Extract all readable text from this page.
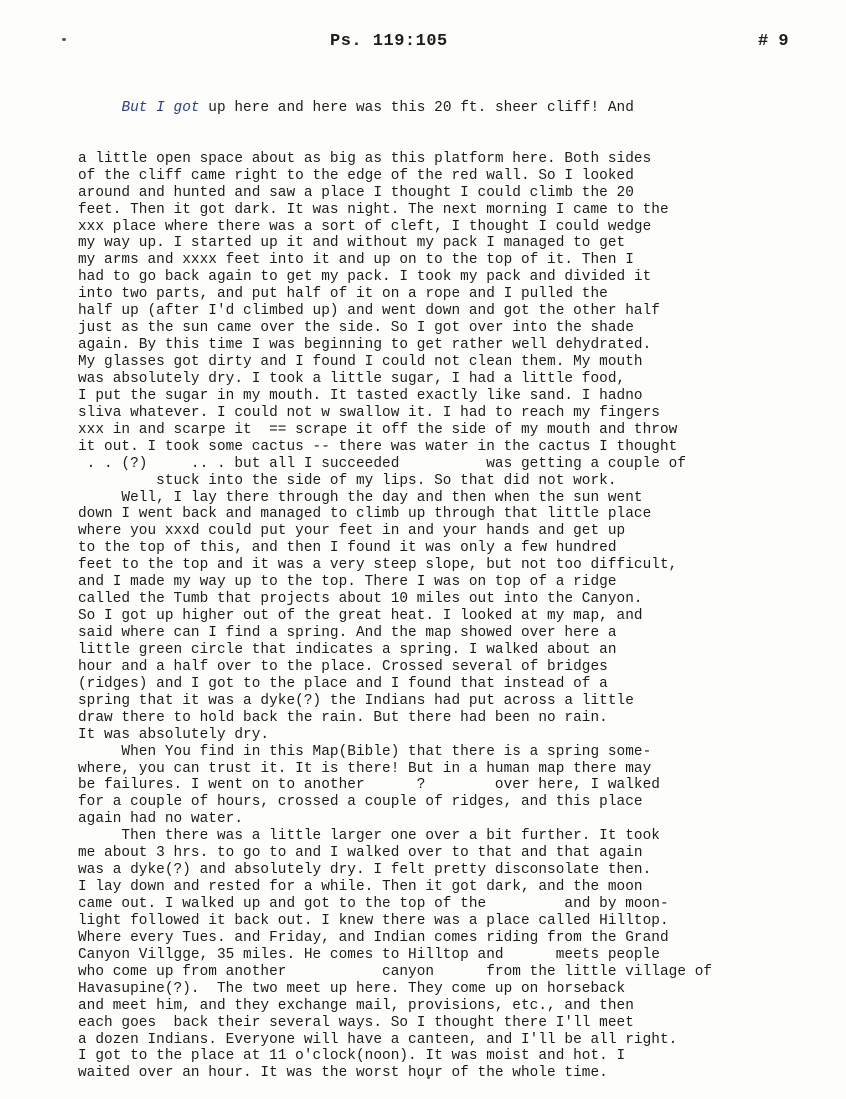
Ps. 119:105	# 9

But I got up here and here was this 20 ft. sheer cliff! And

a little open space about as big as this platform here. Both sides
of the cliff came right to the edge of the red wall. So I looked
around and hunted and saw a place I thought I could climb the 20
feet. Then it got dark. It was night. The next morning I came to the
xxx place where there was a sort of cleft, I thought I could wedge
my way up. I started up it and without my pack I managed to get
my arms and xxxx feet into it and up on to the top of it. Then I
had to go back again to get my pack. I took my pack and divided it
into two parts, and put half of it on a rope and I pulled the
half up (after I'd climbed up) and went down and got the other half
just as the sun came over the side. So I got over into the shade
again. By this time I was beginning to get rather well dehydrated.
My glasses got dirty and I found I could not clean them. My mouth
was absolutely dry. I took a little sugar, I had a little food,
I put the sugar in my mouth. It tasted exactly like sand. I hadno
sliva whatever. I could not w swallow it. I had to reach my fingers
xxx in and scarpe it  == scrape it off the side of my mouth and throw
it out. I took some cactus -- there was water in the cactus I thought
. . (?)     .. . but all I succeeded          was getting a couple of
stuck into the side of my lips. So that did not work.
Well, I lay there through the day and then when the sun went
down I went back and managed to climb up through that little place
where you xxxd could put your feet in and your hands and get up
to the top of this, and then I found it was only a few hundred
feet to the top and it was a very steep slope, but not too difficult,
and I made my way up to the top. There I was on top of a ridge
called the Tumb that projects about 10 miles out into the Canyon.
So I got up higher out of the great heat. I looked at my map, and
said where can I find a spring. And the map showed over here a
little green circle that indicates a spring. I walked about an
hour and a half over to the place. Crossed several of bridges
(ridges) and I got to the place and I found that instead of a
spring that it was a dyke(?) the Indians had put across a little
draw there to hold back the rain. But there had been no rain.
It was absolutely dry.
When You find in this Map(Bible) that there is a spring some-
where, you can trust it. It is there! But in a human map there may
be failures. I went on to another      ?        over here, I walked
for a couple of hours, crossed a couple of ridges, and this place
again had no water.
Then there was a little larger one over a bit further. It took
me about 3 hrs. to go to and I walked over to that and that again
was a dyke(?) and absolutely dry. I felt pretty disconsolate then.
I lay down and rested for a while. Then it got dark, and the moon
came out. I walked up and got to the top of the         and by moon-
light followed it back out. I knew there was a place called Hilltop.
Where every Tues. and Friday, and Indian comes riding from the Grand
Canyon Villgge, 35 miles. He comes to Hilltop and      meets people
who come up from another           canyon      from the little village of
Havasupine(?).  The two meet up here. They come up on horseback
and meet him, and they exchange mail, provisions, etc., and then
each goes  back their several ways. So I thought there I'll meet
a dozen Indians. Everyone will have a canteen, and I'll be all right.
I got to the place at 11 o'clock(noon). It was moist and hot. I
waited over an hour. It was the worst hour of the whole time.
